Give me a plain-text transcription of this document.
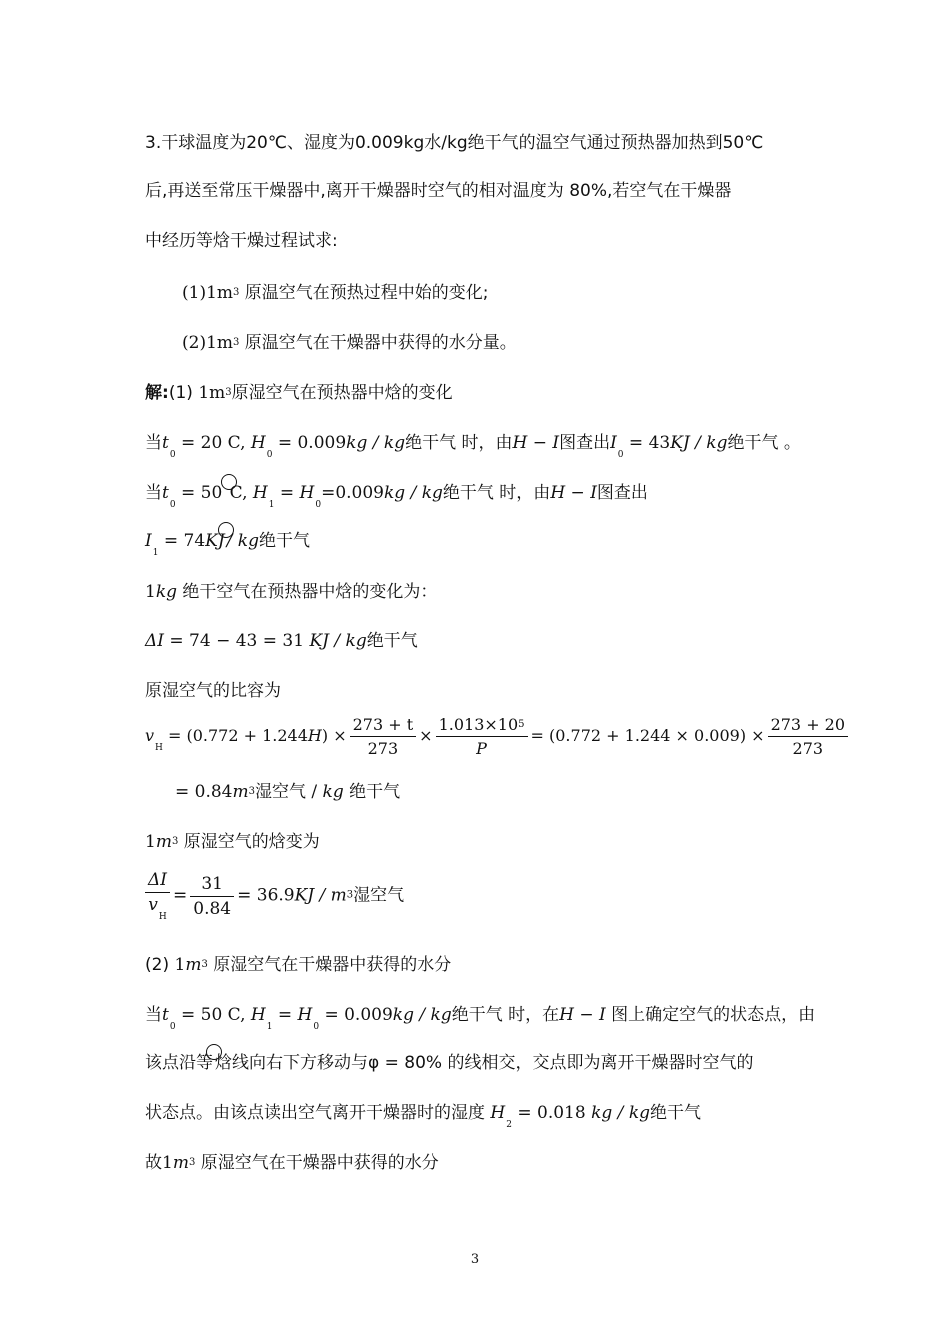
3.干球温度为20℃、湿度为0.009kg水/kg绝干气的温空气通过预热器加热到50℃
后,再送至常压干燥器中,离开干燥器时空气的相对温度为 80%,若空气在干燥器
中经历等焓干燥过程试求:
$(1)1m^3$ 原温空气在预热过程中始的变化;
$(2)1m^3$ 原温空气在干燥器中获得的水分量。
解:(1) $1m^3$原湿空气在预热器中焓的变化
当$t_0 = 20$ C, $H_0 = 0.009kg$ / kg绝干气 时，由H − I图查出$I_0 = 43KJ$ / kg绝干气 。
当$t_0 = 50$ C, $H_1 = H_0=0.009kg$ / kg绝干气 时，由H − I图查出
$I_1 = 74KJ$ / kg绝干气
1kg 绝干空气在预热器中焓的变化为：
ΔI = 74 − 43 = 31 KJ / kg绝干气
原湿空气的比容为
$v_H = (0.772 + 1.244H) \times \frac{273 + t}{273} \times \frac{1.013\times 10^5}{P} = (0.772 + 1.244 \times 0.009) \times \frac{273 + 20}{273}$
= $0.84m^3$湿空气 / kg 绝干气
$1m^3$ 原湿空气的焓变为
$\frac{\Delta I}{v_H} = \frac{31}{0.84} = 36.9KJ / m^3$湿空气
(2) $1m^3$ 原湿空气在干燥器中获得的水分
当$t_0 = 50$ C, $H_1 = H_0 = 0.009kg$ / kg绝干气 时，在H − I 图上确定空气的状态点，由
该点沿等 焓线向右下方移动与φ = 80% 的线相交，交点即为离开干燥器时空气的
状态点。由该点读出空气离开干燥器时的湿度 $H_2 = 0.018$ kg / kg绝干气
故$1m^3$ 原湿空气在干燥器中获得的水分
3
